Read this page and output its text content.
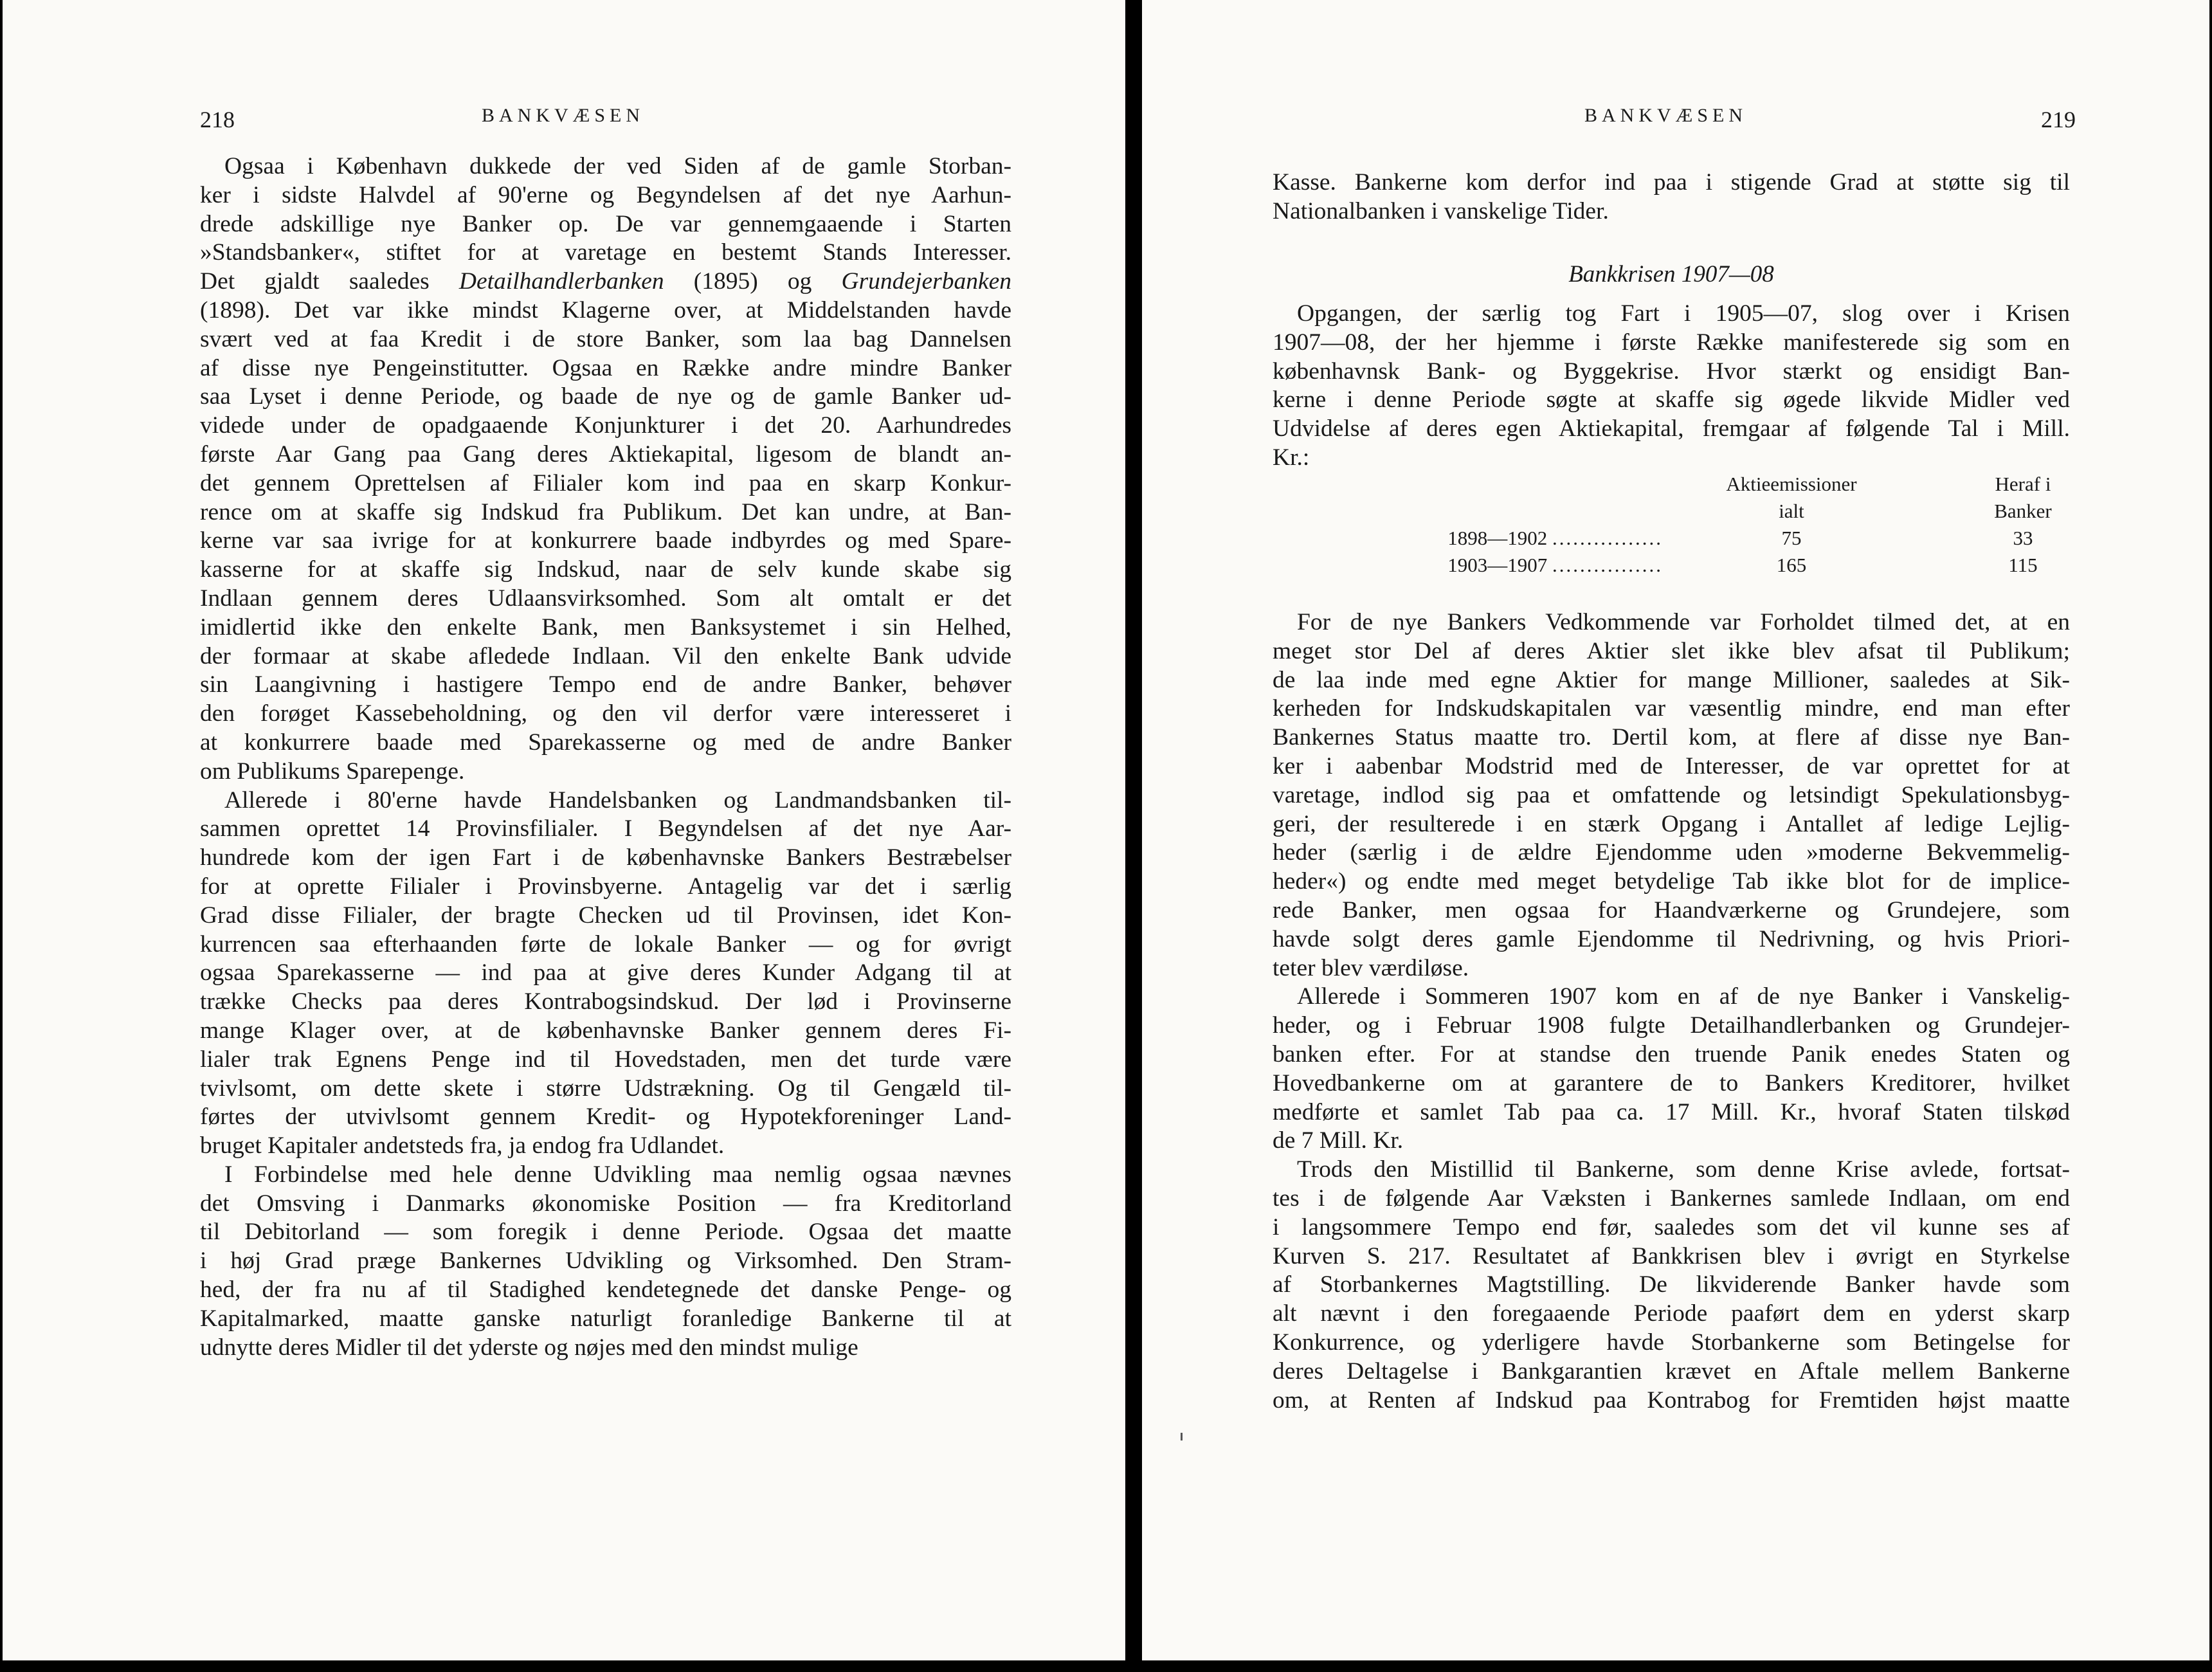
218	BANKVÆSEN

Ogsaa i København dukkede der ved Siden af de gamle Storban-

ker i sidste Halvdel af 90'erne og Begyndelsen af det nye Aarhun-

drede adskillige nye Banker op. De var gennemgaaende i Starten

»Standsbanker«, stiftet for at varetage en bestemt Stands Interesser.

Det gjaldt saaledes Detailhandlerbanken (1895) og Grundejerbanken

(1898). Det var ikke mindst Klagerne over, at Middelstanden havde

svært ved at faa Kredit i de store Banker, som laa bag Dannelsen

af disse nye Pengeinstitutter. Ogsaa en Række andre mindre Banker

saa Lyset i denne Periode, og baade de nye og de gamle Banker ud-

videde under de opadgaaende Konjunkturer i det 20. Aarhundredes

første Aar Gang paa Gang deres Aktiekapital, ligesom de blandt an-

det gennem Oprettelsen af Filialer kom ind paa en skarp Konkur-

rence om at skaffe sig Indskud fra Publikum. Det kan undre, at Ban-

kerne var saa ivrige for at konkurrere baade indbyrdes og med Spare-

kasserne for at skaffe sig Indskud, naar de selv kunde skabe sig

Indlaan gennem deres Udlaansvirksomhed. Som alt omtalt er det

imidlertid ikke den enkelte Bank, men Banksystemet i sin Helhed,

der formaar at skabe afledede Indlaan. Vil den enkelte Bank udvide

sin Laangivning i hastigere Tempo end de andre Banker, behøver

den forøget Kassebeholdning, og den vil derfor være interesseret i

at konkurrere baade med Sparekasserne og med de andre Banker

om Publikums Sparepenge.

Allerede i 80'erne havde Handelsbanken og Landmandsbanken til-

sammen oprettet 14 Provinsfilialer. I Begyndelsen af det nye Aar-

hundrede kom der igen Fart i de københavnske Bankers Bestræbelser

for at oprette Filialer i Provinsbyerne. Antagelig var det i særlig

Grad disse Filialer, der bragte Checken ud til Provinsen, idet Kon-

kurrencen saa efterhaanden førte de lokale Banker — og for øvrigt

ogsaa Sparekasserne — ind paa at give deres Kunder Adgang til at

trække Checks paa deres Kontrabogsindskud. Der lød i Provinserne

mange Klager over, at de københavnske Banker gennem deres Fi-

lialer trak Egnens Penge ind til Hovedstaden, men det turde være

tvivlsomt, om dette skete i større Udstrækning. Og til Gengæld til-

førtes der utvivlsomt gennem Kredit- og Hypotekforeninger Land-

bruget Kapitaler andetsteds fra, ja endog fra Udlandet.

I Forbindelse med hele denne Udvikling maa nemlig ogsaa nævnes

det Omsving i Danmarks økonomiske Position — fra Kreditorland

til Debitorland — som foregik i denne Periode. Ogsaa det maatte

i høj Grad præge Bankernes Udvikling og Virksomhed. Den Stram-

hed, der fra nu af til Stadighed kendetegnede det danske Penge- og

Kapitalmarked, maatte ganske naturligt foranledige Bankerne til at

udnytte deres Midler til det yderste og nøjes med den mindst mulige

BANKVÆSEN	219

Kasse. Bankerne kom derfor ind paa i stigende Grad at støtte sig til

Nationalbanken i vanskelige Tider.

Bankkrisen 1907—08

Opgangen, der særlig tog Fart i 1905—07, slog over i Krisen

1907—08, der her hjemme i første Række manifesterede sig som en

københavnsk Bank- og Byggekrise. Hvor stærkt og ensidigt Ban-

kerne i denne Periode søgte at skaffe sig øgede likvide Midler ved

Udvidelse af deres egen Aktiekapital, fremgaar af følgende Tal i Mill.

Kr.:

	Aktieemissioner	Heraf i
	ialt	Banker
1898—1902 ................	75	33
1903—1907 ................	165	115

For de nye Bankers Vedkommende var Forholdet tilmed det, at en

meget stor Del af deres Aktier slet ikke blev afsat til Publikum;

de laa inde med egne Aktier for mange Millioner, saaledes at Sik-

kerheden for Indskudskapitalen var væsentlig mindre, end man efter

Bankernes Status maatte tro. Dertil kom, at flere af disse nye Ban-

ker i aabenbar Modstrid med de Interesser, de var oprettet for at

varetage, indlod sig paa et omfattende og letsindigt Spekulationsbyg-

geri, der resulterede i en stærk Opgang i Antallet af ledige Lejlig-

heder (særlig i de ældre Ejendomme uden »moderne Bekvemmelig-

heder«) og endte med meget betydelige Tab ikke blot for de implice-

rede Banker, men ogsaa for Haandværkerne og Grundejere, som

havde solgt deres gamle Ejendomme til Nedrivning, og hvis Priori-

teter blev værdiløse.

Allerede i Sommeren 1907 kom en af de nye Banker i Vanskelig-

heder, og i Februar 1908 fulgte Detailhandlerbanken og Grundejer-

banken efter. For at standse den truende Panik enedes Staten og

Hovedbankerne om at garantere de to Bankers Kreditorer, hvilket

medførte et samlet Tab paa ca. 17 Mill. Kr., hvoraf Staten tilskød

de 7 Mill. Kr.

Trods den Mistillid til Bankerne, som denne Krise avlede, fortsat-

tes i de følgende Aar Væksten i Bankernes samlede Indlaan, om end

i langsommere Tempo end før, saaledes som det vil kunne ses af

Kurven S. 217. Resultatet af Bankkrisen blev i øvrigt en Styrkelse

af Storbankernes Magtstilling. De likviderende Banker havde som

alt nævnt i den foregaaende Periode paaført dem en yderst skarp

Konkurrence, og yderligere havde Storbankerne som Betingelse for

deres Deltagelse i Bankgarantien krævet en Aftale mellem Bankerne

om, at Renten af Indskud paa Kontrabog for Fremtiden højst maatte
